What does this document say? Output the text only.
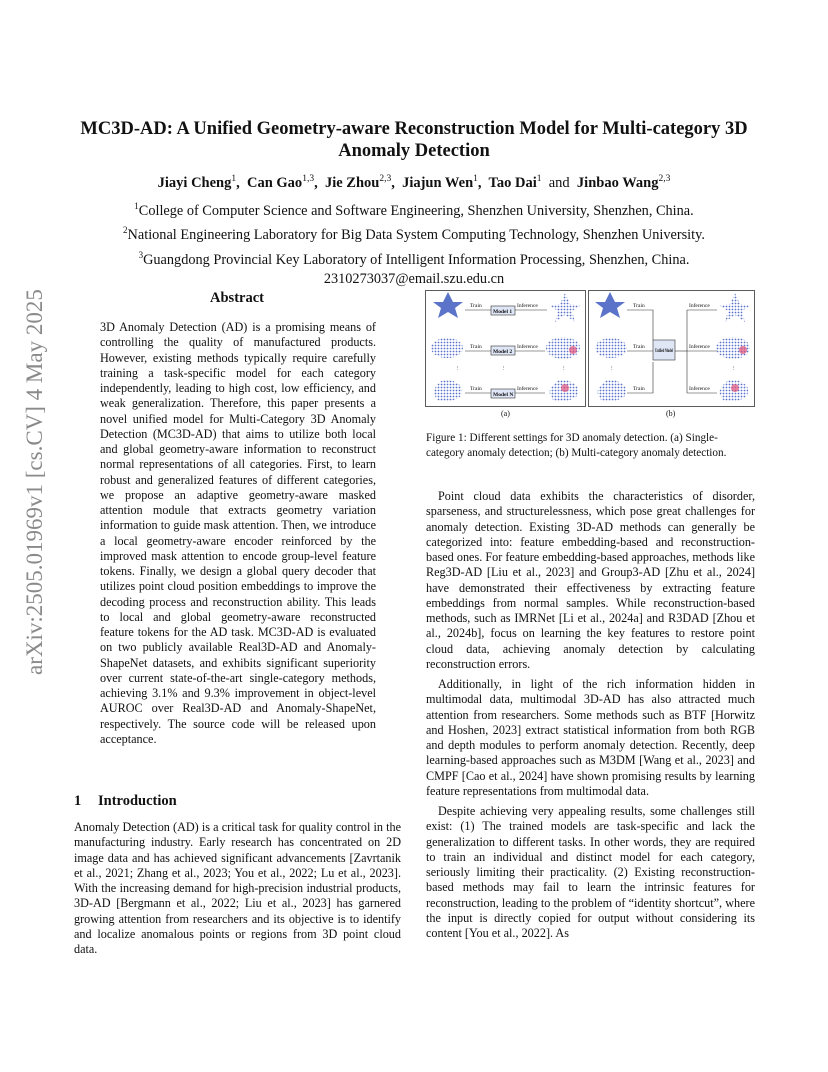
arXiv:2505.01969v1 [cs.CV] 4 May 2025
MC3D-AD: A Unified Geometry-aware Reconstruction Model for Multi-category 3D Anomaly Detection
Jiayi Cheng$^1$,  Can Gao$^{1,3}$,  Jie Zhou$^{2,3}$,  Jiajun Wen$^1$,  Tao Dai$^1$ and Jinbao Wang$^{2,3}$
$^1$College of Computer Science and Software Engineering, Shenzhen University, Shenzhen, China.
$^2$National Engineering Laboratory for Big Data System Computing Technology, Shenzhen University.
$^3$Guangdong Provincial Key Laboratory of Intelligent Information Processing, Shenzhen, China.
2310273037@email.szu.edu.cn
Abstract
3D Anomaly Detection (AD) is a promising means of controlling the quality of manufactured products. However, existing methods typically require carefully training a task-specific model for each category independently, leading to high cost, low efficiency, and weak generalization. Therefore, this paper presents a novel unified model for Multi-Category 3D Anomaly Detection (MC3D-AD) that aims to utilize both local and global geometry-aware information to reconstruct normal representations of all categories. First, to learn robust and generalized features of different categories, we propose an adaptive geometry-aware masked attention module that extracts geometry variation information to guide mask attention. Then, we introduce a local geometry-aware encoder reinforced by the improved mask attention to encode group-level feature tokens. Finally, we design a global query decoder that utilizes point cloud position embeddings to improve the decoding process and reconstruction ability. This leads to local and global geometry-aware reconstructed feature tokens for the AD task. MC3D-AD is evaluated on two publicly available Real3D-AD and Anomaly-ShapeNet datasets, and exhibits significant superiority over current state-of-the-art single-category methods, achieving 3.1% and 9.3% improvement in object-level AUROC over Real3D-AD and Anomaly-ShapeNet, respectively. The source code will be released upon acceptance.
1 Introduction
Anomaly Detection (AD) is a critical task for quality control in the manufacturing industry. Early research has concentrated on 2D image data and has achieved significant advancements [Zavrtanik et al., 2021; Zhang et al., 2023; You et al., 2022; Lu et al., 2023]. With the increasing demand for high-precision industrial products, 3D-AD [Bergmann et al., 2022; Liu et al., 2023] has garnered growing attention from researchers and its objective is to identify and localize anomalous points or regions from 3D point cloud data.
Train	Inference
Model 1
Train	Inference
Model 2
⋮	⋮	⋮
Train	Inference
Model N
⋮	⋮
Train
Train
Train
Inference
Inference
Inference
Unified Model
(a)	(b)
Figure 1: Different settings for 3D anomaly detection. (a) Single-category anomaly detection; (b) Multi-category anomaly detection.

Point cloud data exhibits the characteristics of disorder, sparseness, and structurelessness, which pose great challenges for anomaly detection. Existing 3D-AD methods can generally be categorized into: feature embedding-based and reconstruction-based ones. For feature embedding-based approaches, methods like Reg3D-AD [Liu et al., 2023] and Group3-AD [Zhu et al., 2024] have demonstrated their effectiveness by extracting feature embeddings from normal samples. While reconstruction-based methods, such as IMRNet [Li et al., 2024a] and R3DAD [Zhou et al., 2024b], focus on learning the key features to restore point cloud data, achieving anomaly detection by calculating reconstruction errors.

Additionally, in light of the rich information hidden in multimodal data, multimodal 3D-AD has also attracted much attention from researchers. Some methods such as BTF [Horwitz and Hoshen, 2023] extract statistical information from both RGB and depth modules to perform anomaly detection. Recently, deep learning-based approaches such as M3DM [Wang et al., 2023] and CMPF [Cao et al., 2024] have shown promising results by learning feature representations from multimodal data.

Despite achieving very appealing results, some challenges still exist: (1) The trained models are task-specific and lack the generalization to different tasks. In other words, they are required to train an individual and distinct model for each category, seriously limiting their practicality. (2) Existing reconstruction-based methods may fail to learn the intrinsic features for reconstruction, leading to the problem of “identity shortcut”, where the input is directly copied for output without considering its content [You et al., 2022]. As
